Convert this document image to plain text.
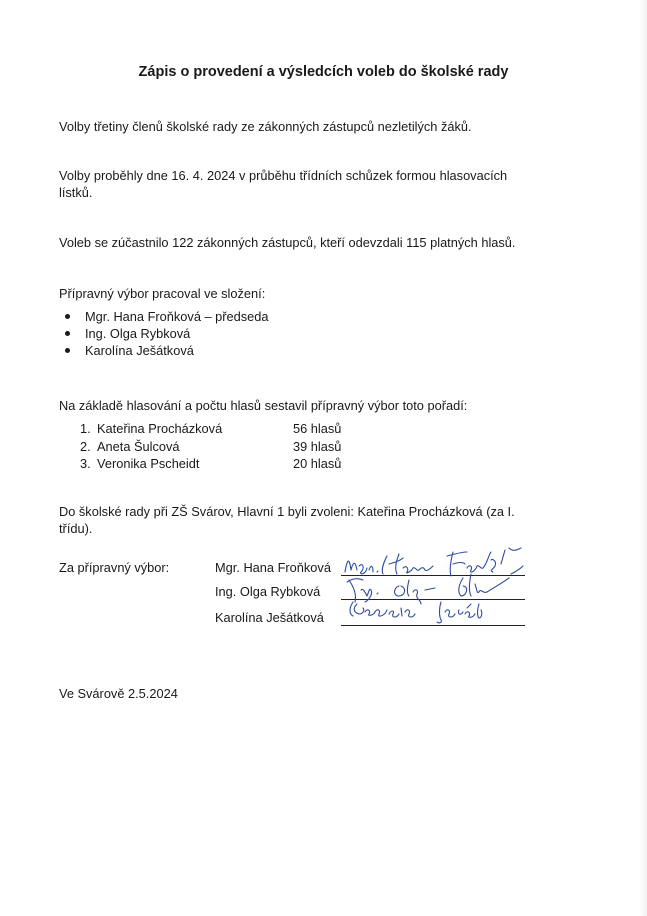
Zápis o provedení a výsledcích voleb do školské rady
Volby třetiny členů školské rady ze zákonných zástupců nezletilých žáků.
Volby proběhly dne 16. 4. 2024 v průběhu třídních schůzek formou hlasovacích lístků.
Voleb se zúčastnilo 122 zákonných zástupců, kteří odevzdali 115 platných hlasů.
Přípravný výbor pracoval ve složení:
Mgr. Hana Froňková – předseda
Ing. Olga Rybková
Karolína Ješátková
Na základě hlasování a počtu hlasů sestavil přípravný výbor toto pořadí:
1. Kateřina Procházková	56 hlasů
2. Aneta Šulcová	39 hlasů
3. Veronika Pscheidt	20 hlasů
Do školské rady při ZŠ Svárov, Hlavní 1 byli zvoleni: Kateřina Procházková (za I. třídu).
Za přípravný výbor:	Mgr. Hana Froňková
Ing. Olga Rybková
Karolína Ješátková
Ve Svárově 2.5.2024
